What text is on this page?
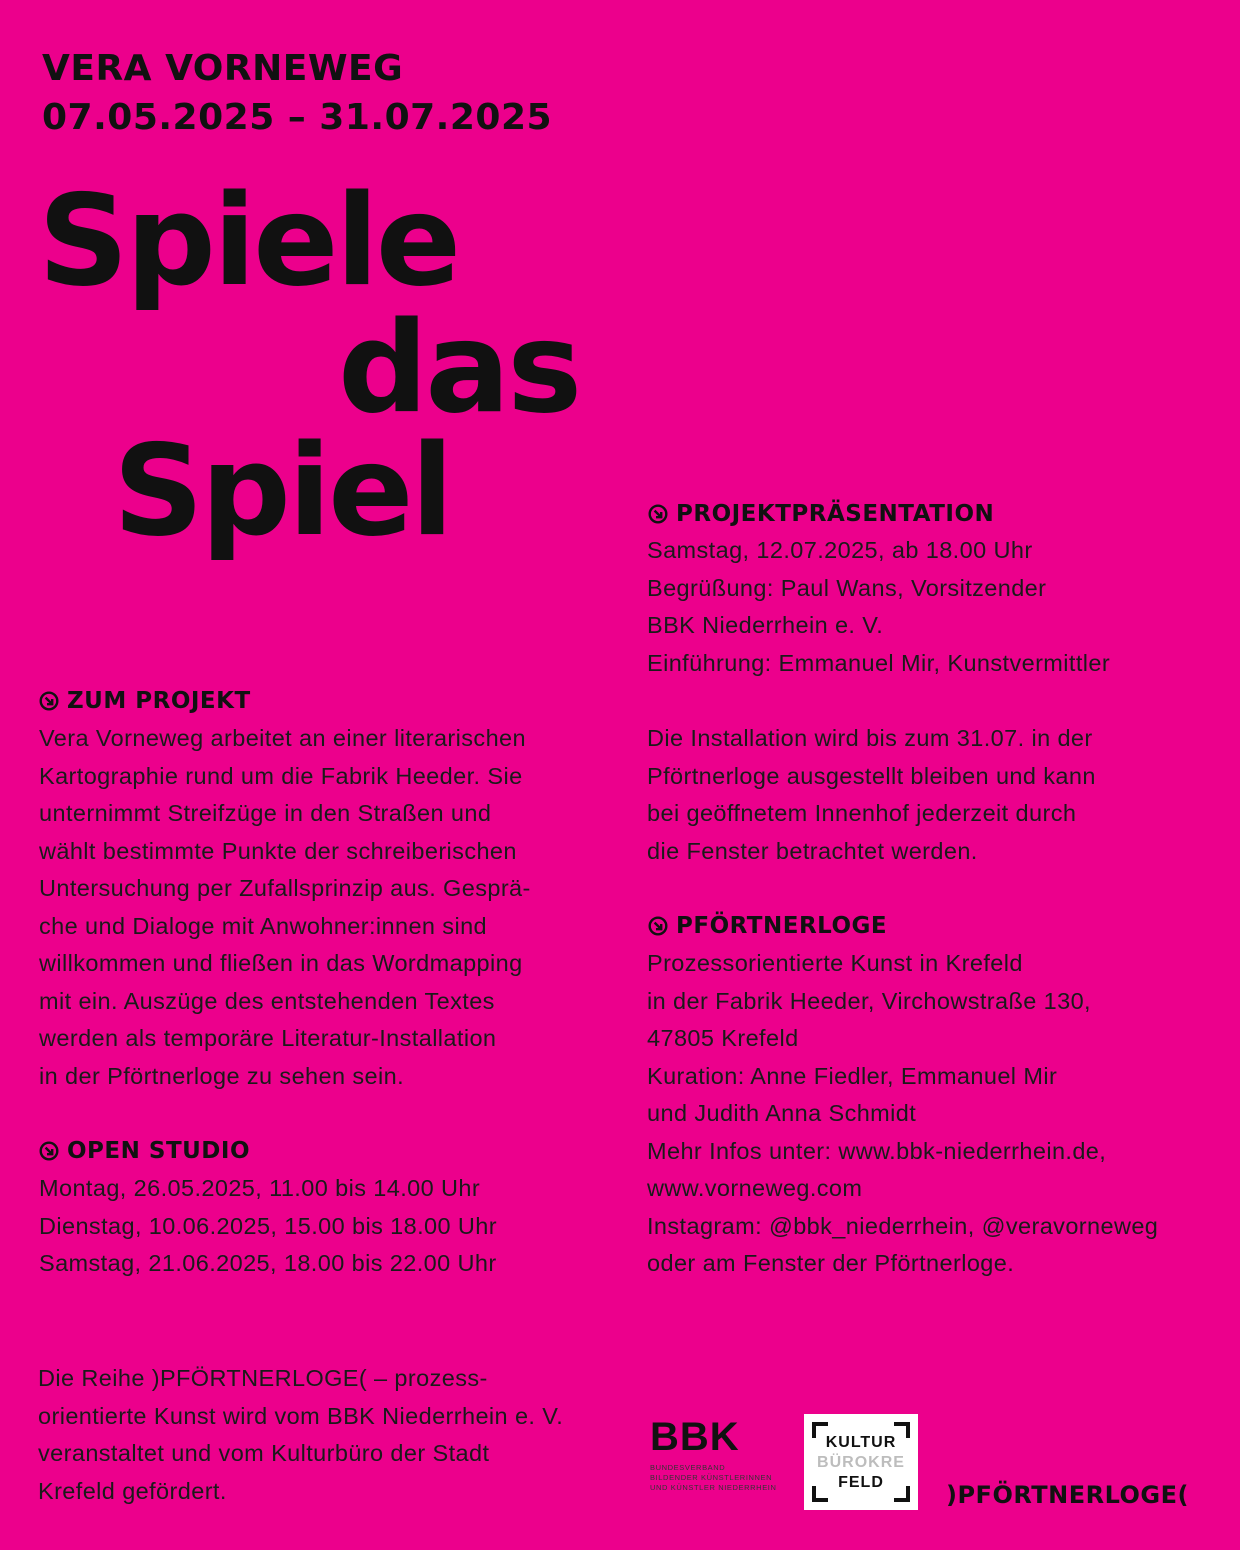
VERA VORNEWEG
07.05.2025 – 31.07.2025
Spiele
das
Spiel
ZUM PROJEKT
Vera Vorneweg arbeitet an einer literarischen
Kartographie rund um die Fabrik Heeder. Sie
unternimmt Streifzüge in den Straßen und
wählt bestimmte Punkte der schreiberischen
Untersuchung per Zufallsprinzip aus. Gesprä-
che und Dialoge mit Anwohner:innen sind
willkommen und fließen in das Wordmapping
mit ein. Auszüge des entstehenden Textes
werden als temporäre Literatur-Installation
in der Pförtnerloge zu sehen sein.
OPEN STUDIO
Montag, 26.05.2025, 11.00 bis 14.00 Uhr
Dienstag, 10.06.2025, 15.00 bis 18.00 Uhr
Samstag, 21.06.2025, 18.00 bis 22.00 Uhr
PROJEKTPRÄSENTATION
Samstag, 12.07.2025, ab 18.00 Uhr
Begrüßung: Paul Wans, Vorsitzender
BBK Niederrhein e. V.
Einführung: Emmanuel Mir, Kunstvermittler
Die Installation wird bis zum 31.07. in der
Pförtnerloge ausgestellt bleiben und kann
bei geöffnetem Innenhof jederzeit durch
die Fenster betrachtet werden.
PFÖRTNERLOGE
Prozessorientierte Kunst in Krefeld
in der Fabrik Heeder, Virchowstraße 130,
47805 Krefeld
Kuration: Anne Fiedler, Emmanuel Mir
und Judith Anna Schmidt
Mehr Infos unter: www.bbk-niederrhein.de,
www.vorneweg.com
Instagram: @bbk_niederrhein, @veravorneweg
oder am Fenster der Pförtnerloge.
Die Reihe )PFÖRTNERLOGE( – prozess-
orientierte Kunst wird vom BBK Niederrhein e. V.
veranstaltet und vom Kulturbüro der Stadt
Krefeld gefördert.
BBK
BUNDESVERBAND
BILDENDER KÜNSTLERINNEN
UND KÜNSTLER NIEDERRHEIN
KULTUR
BÜROKRE
FELD	)PFÖRTNERLOGE(
